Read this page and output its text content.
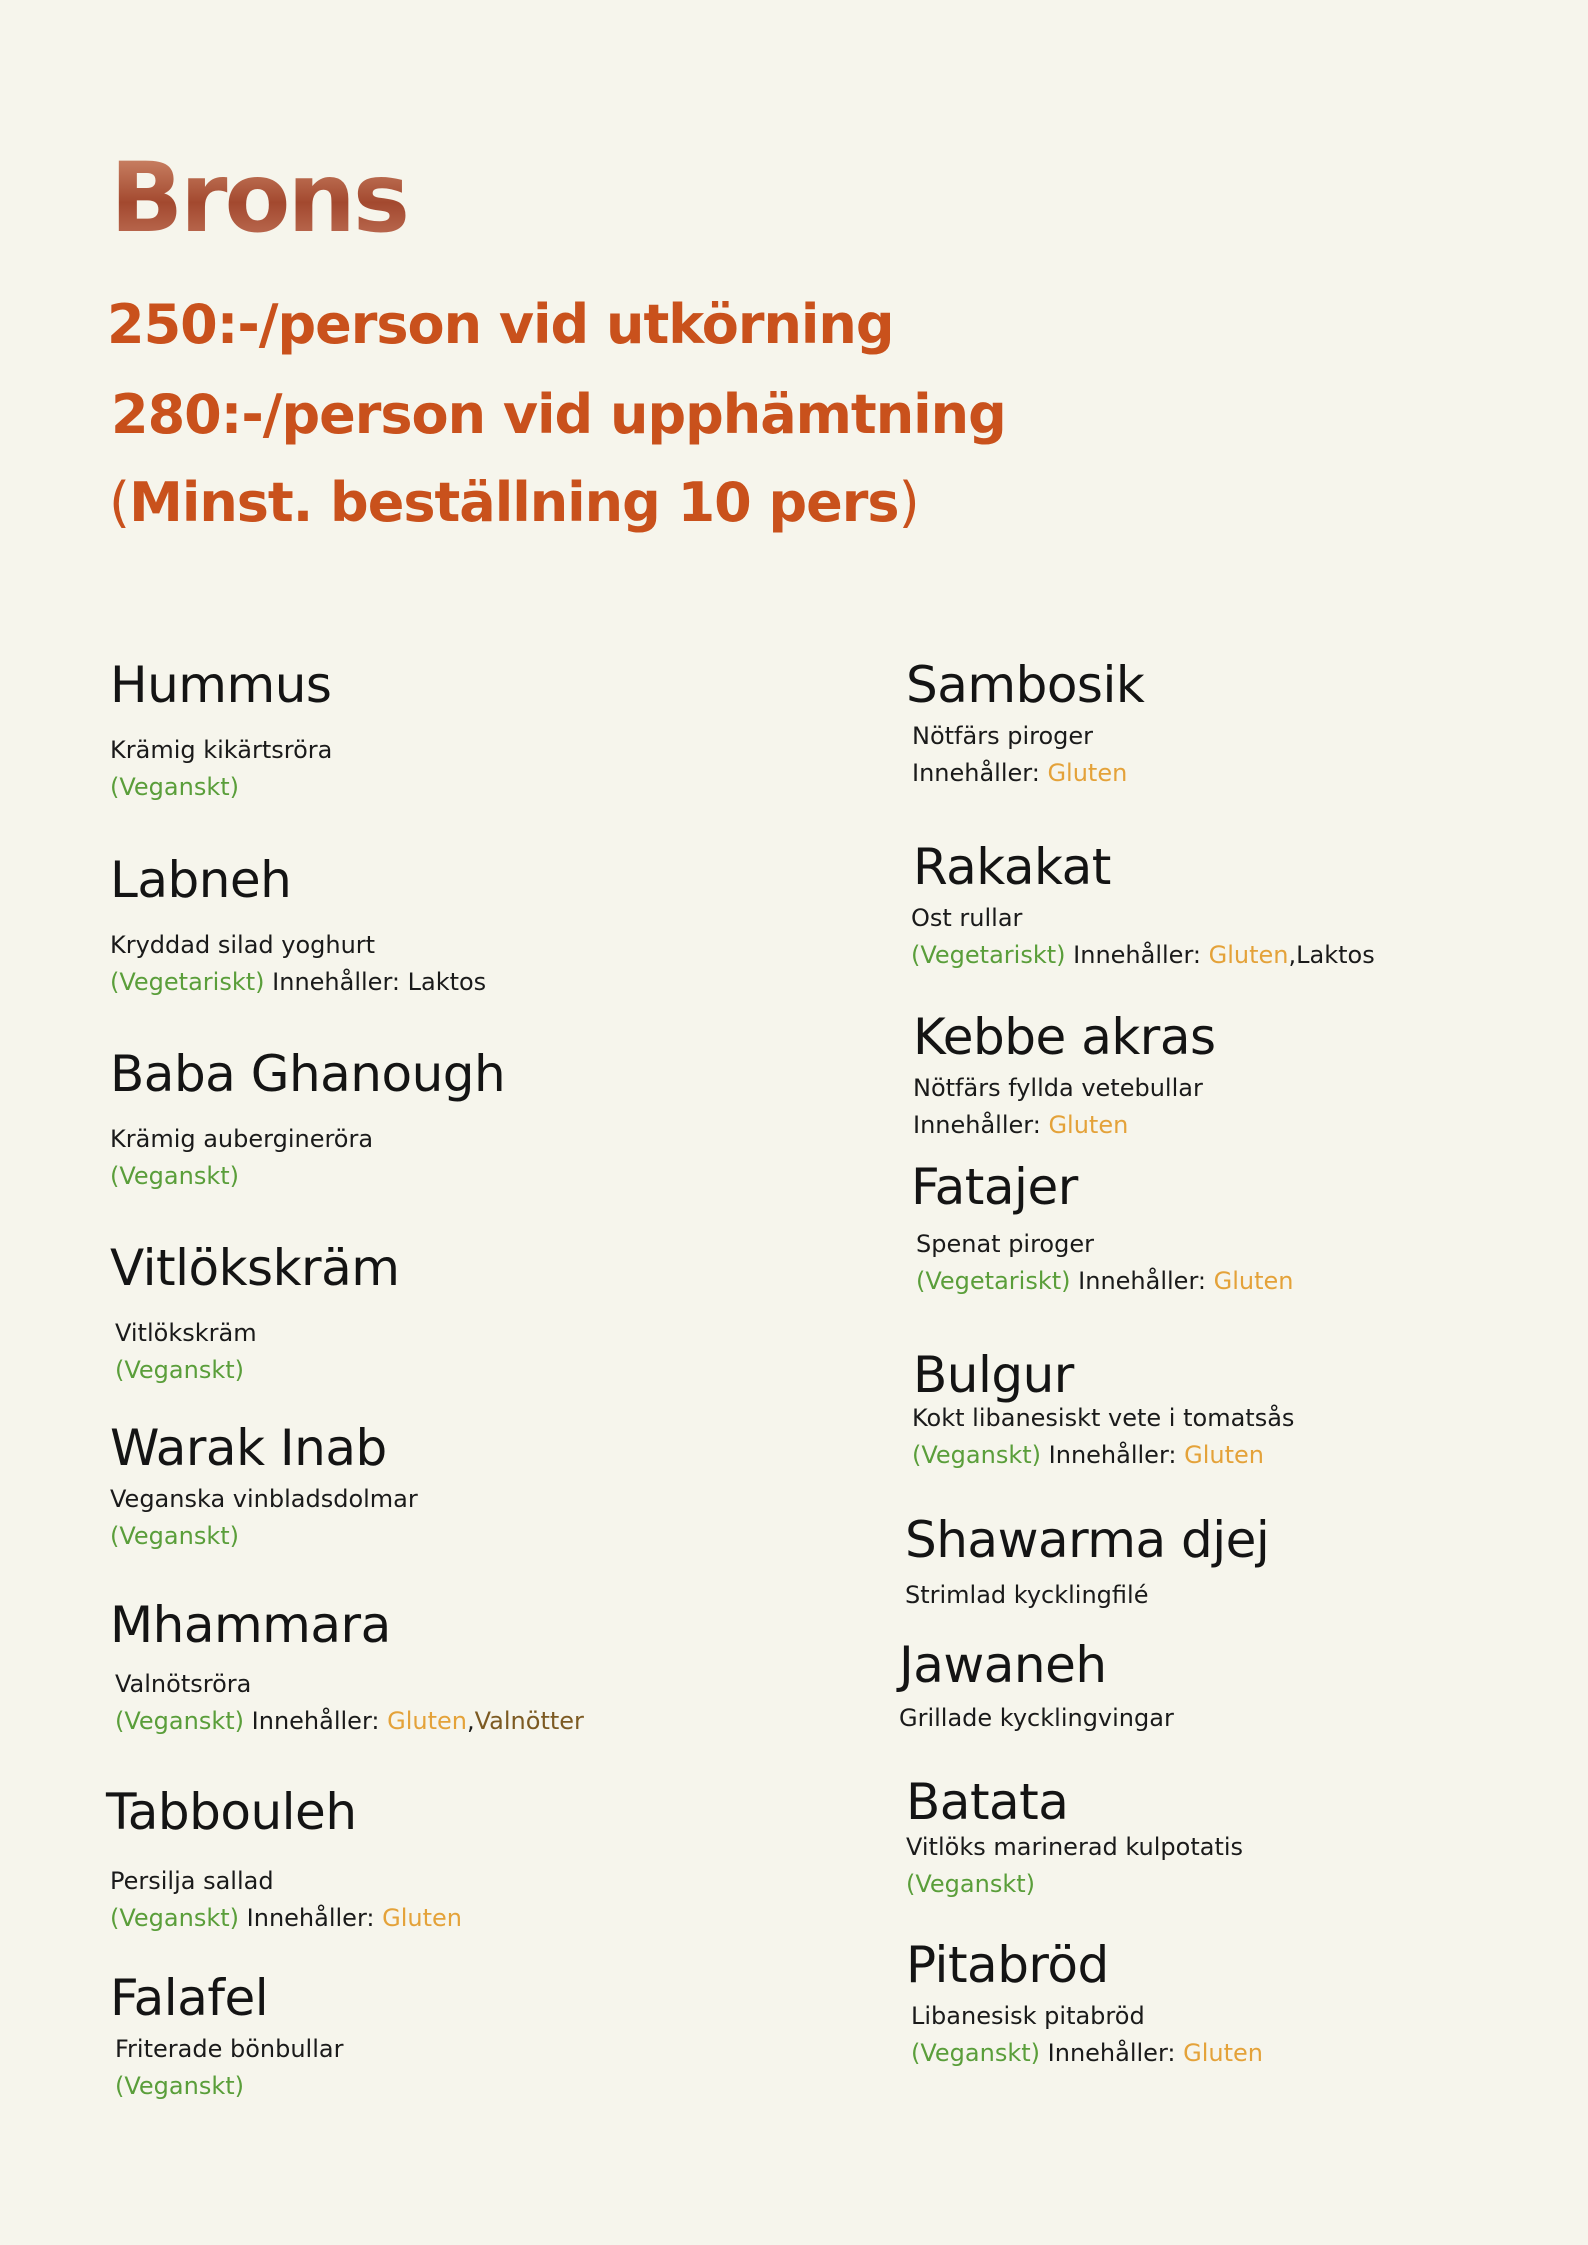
Brons
250:-/person vid utkörning
280:-/person vid upphämtning
(Minst. beställning 10 pers)
Hummus
Krämig kikärtsröra
(Veganskt)
Labneh
Kryddad silad yoghurt
(Vegetariskt) Innehåller: Laktos
Baba Ghanough
Krämig auberginеröra
(Veganskt)
Vitlökskräm
Vitlökskräm
(Veganskt)
Warak Inab
Veganska vinbladsdolmar
(Veganskt)
Mhammara
Valnötsröra
(Veganskt) Innehåller: Gluten,Valnötter
Tabbouleh
Persilja sallad
(Veganskt) Innehåller: Gluten
Falafel
Friterade bönbullar
(Veganskt)
Sambosik
Nötfärs piroger
Innehåller: Gluten
Rakakat
Ost rullar
(Vegetariskt) Innehåller: Gluten,Laktos
Kebbe akras
Nötfärs fyllda vetebullar
Innehåller: Gluten
Fatajer
Spenat piroger
(Vegetariskt) Innehåller: Gluten
Bulgur
Kokt libanesiskt vete i tomatsås
(Veganskt) Innehåller: Gluten
Shawarma djej
Strimlad kycklingfilé
Jawaneh
Grillade kycklingvingar
Batata
Vitlöks marinerad kulpotatis
(Veganskt)
Pitabröd
Libanesisk pitabröd
(Veganskt) Innehåller: Gluten
